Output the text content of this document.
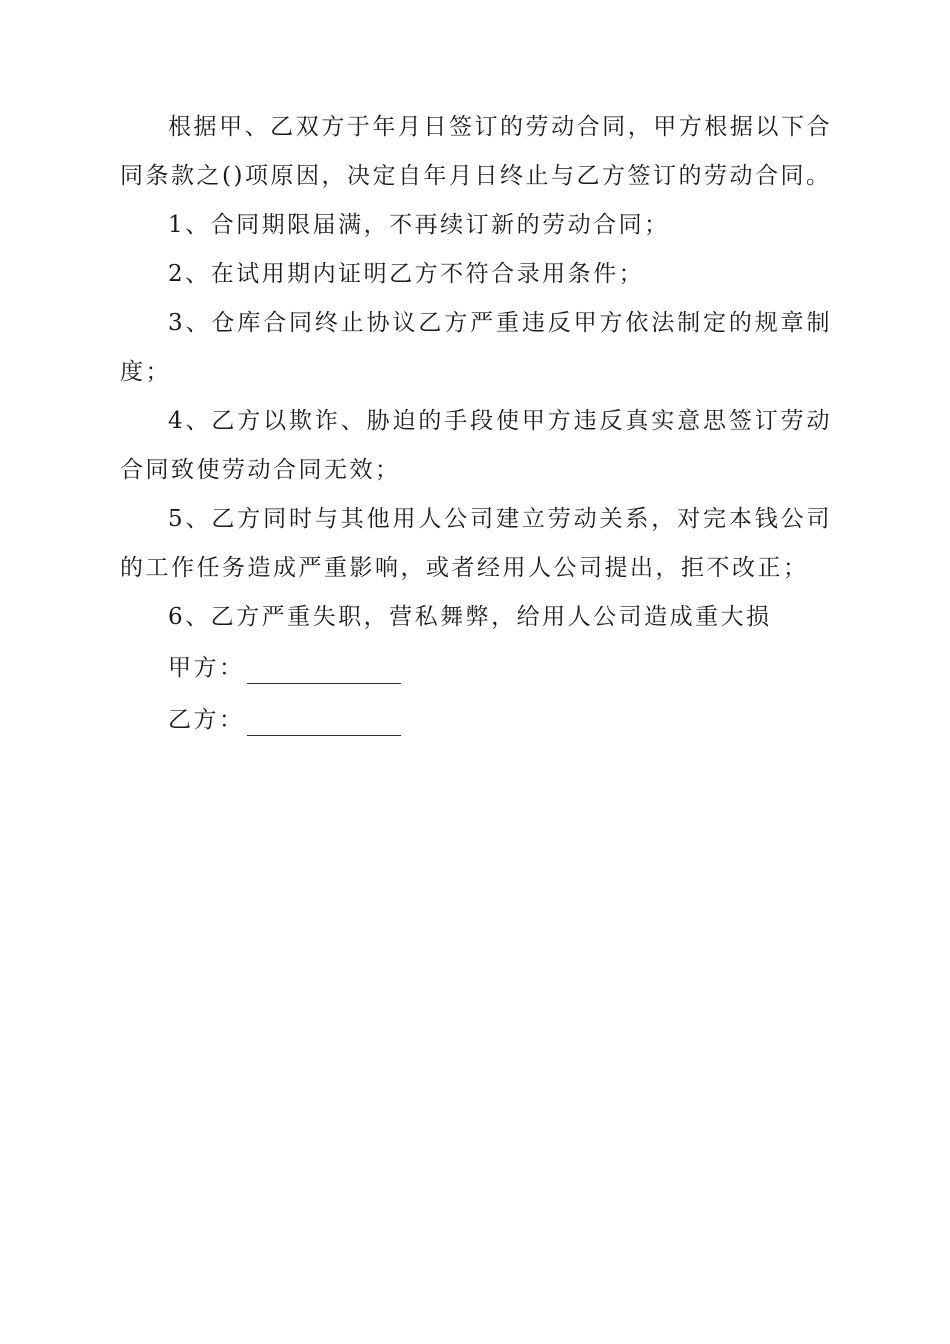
根据甲、乙双方于年月日签订的劳动合同，甲方根据以下合同条款之()项原因，决定自年月日终止与乙方签订的劳动合同。

1、合同期限届满，不再续订新的劳动合同；

2、在试用期内证明乙方不符合录用条件；

3、仓库合同终止协议乙方严重违反甲方依法制定的规章制度；

4、乙方以欺诈、胁迫的手段使甲方违反真实意思签订劳动合同致使劳动合同无效；

5、乙方同时与其他用人公司建立劳动关系，对完本钱公司的工作任务造成严重影响，或者经用人公司提出，拒不改正；

6、乙方严重失职，营私舞弊，给用人公司造成重大损

甲方：
乙方：
